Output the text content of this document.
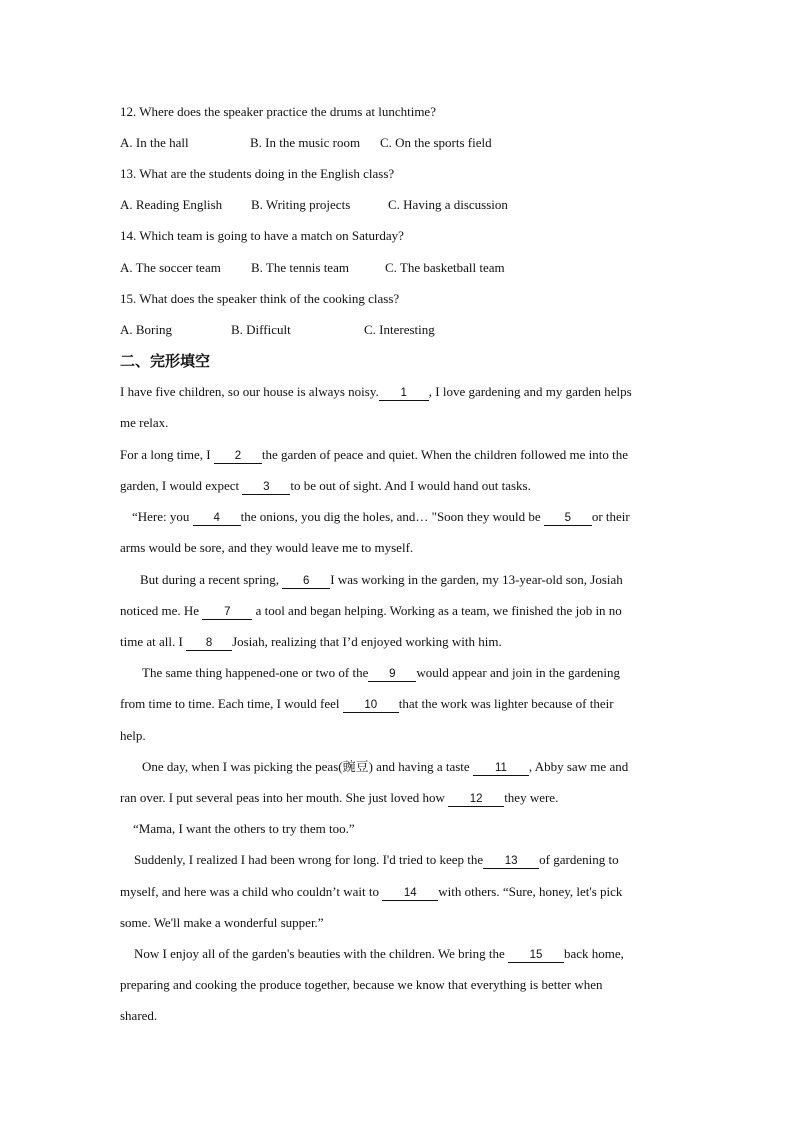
12. Where does the speaker practice the drums at lunchtime?
A. In the hall	B. In the music room C. On the sports field
13. What are the students doing in the English class?
A. Reading English B. Writing projects	C. Having a discussion
14. Which team is going to have a match on Saturday?
A. The soccer team B. The tennis team	C. The basketball team
15. What does the speaker think of the cooking class?
A. Boring	B. Difficult	C. Interesting
二、完形填空
I have five children, so our house is always noisy. 1 , I love gardening and my garden helps
me relax.
For a long time, I 2 the garden of peace and quiet. When the children followed me into the
garden, I would expect 3 to be out of sight. And I would hand out tasks.
“Here: you 4 the onions, you dig the holes, and… "Soon they would be 5 or their
arms would be sore, and they would leave me to myself.
But during a recent spring, 6 I was working in the garden, my 13-year-old son, Josiah
noticed me. He 7 a tool and began helping. Working as a team, we finished the job in no
time at all. I 8 Josiah, realizing that I’d enjoyed working with him.
The same thing happened-one or two of the 9 would appear and join in the gardening
from time to time. Each time, I would feel 10 that the work was lighter because of their
help.
One day, when I was picking the peas(豌豆) and having a taste 11 , Abby saw me and
ran over. I put several peas into her mouth. She just loved how 12 they were.
“Mama, I want the others to try them too.”
Suddenly, I realized I had been wrong for long. I'd tried to keep the 13 of gardening to
myself, and here was a child who couldn’t wait to 14 with others. “Sure, honey, let's pick
some. We'll make a wonderful supper.”
Now I enjoy all of the garden's beauties with the children. We bring the 15 back home,
preparing and cooking the produce together, because we know that everything is better when
shared.
